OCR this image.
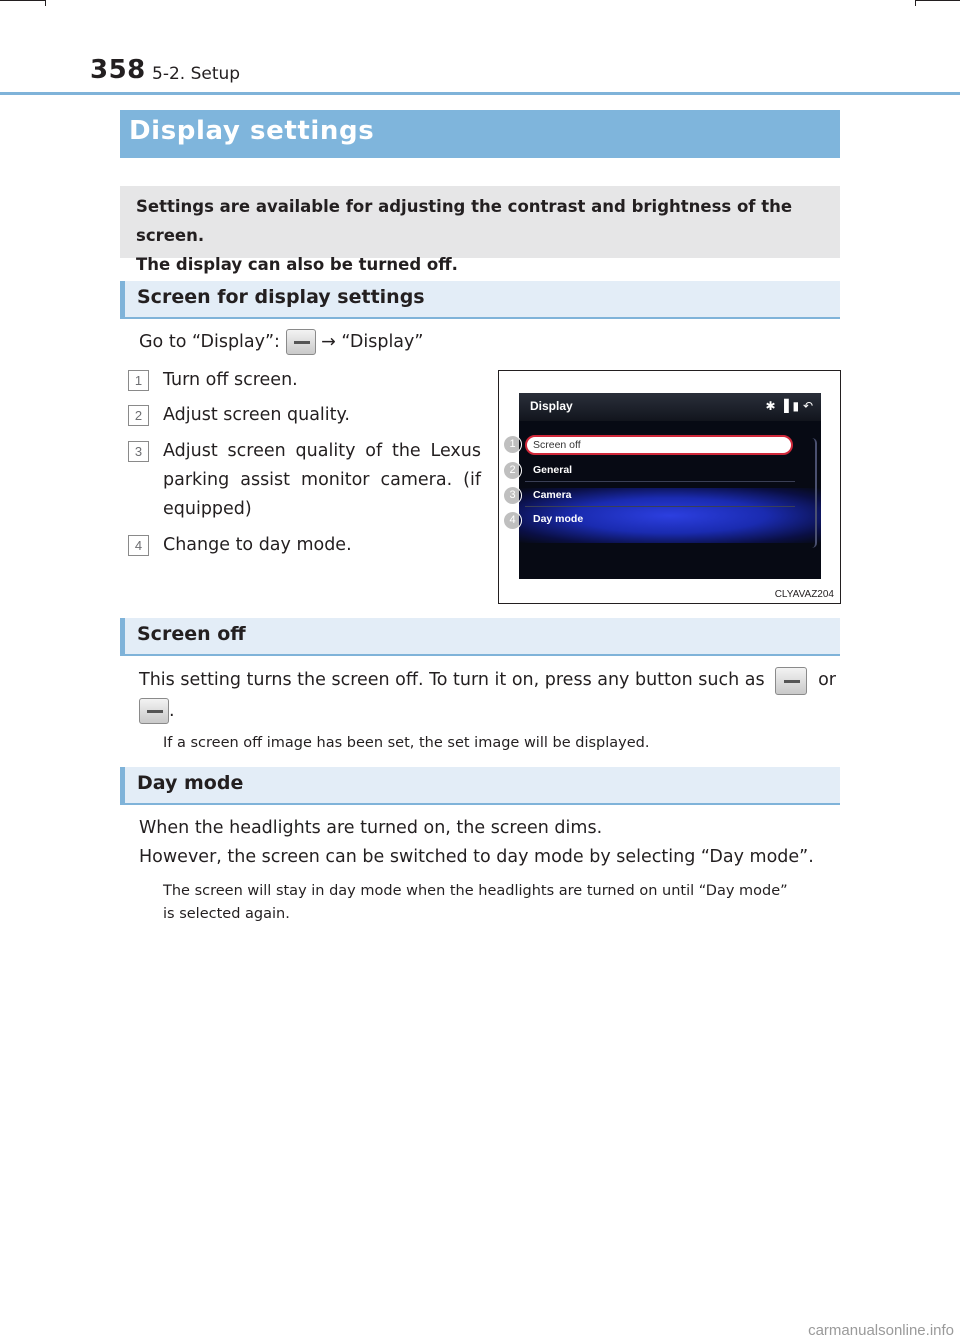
358 5-2. Setup
Display settings

Settings are available for adjusting the contrast and brightness of the screen.

The display can also be turned off.

Screen for display settings
Go to “Display”: → “Display”
1	Turn off screen.
2	Adjust screen quality.
3	Adjust screen quality of the Lexus
parking assist monitor camera. (if
equipped)
4	Change to day mode.
Display	✱ ▐ ▮ ↶
Screen off
General
Camera
Day mode
1
2
3
4
CLYAVAZ204
Screen off
This setting turns the screen off. To turn it on, press any button such as	or
.
If a screen off image has been set, the set image will be displayed.
Day mode
When the headlights are turned on, the screen dims.
However, the screen can be switched to day mode by selecting “Day mode”.
The screen will stay in day mode when the headlights are turned on until “Day mode”
is selected again.
carmanualsonline.info
